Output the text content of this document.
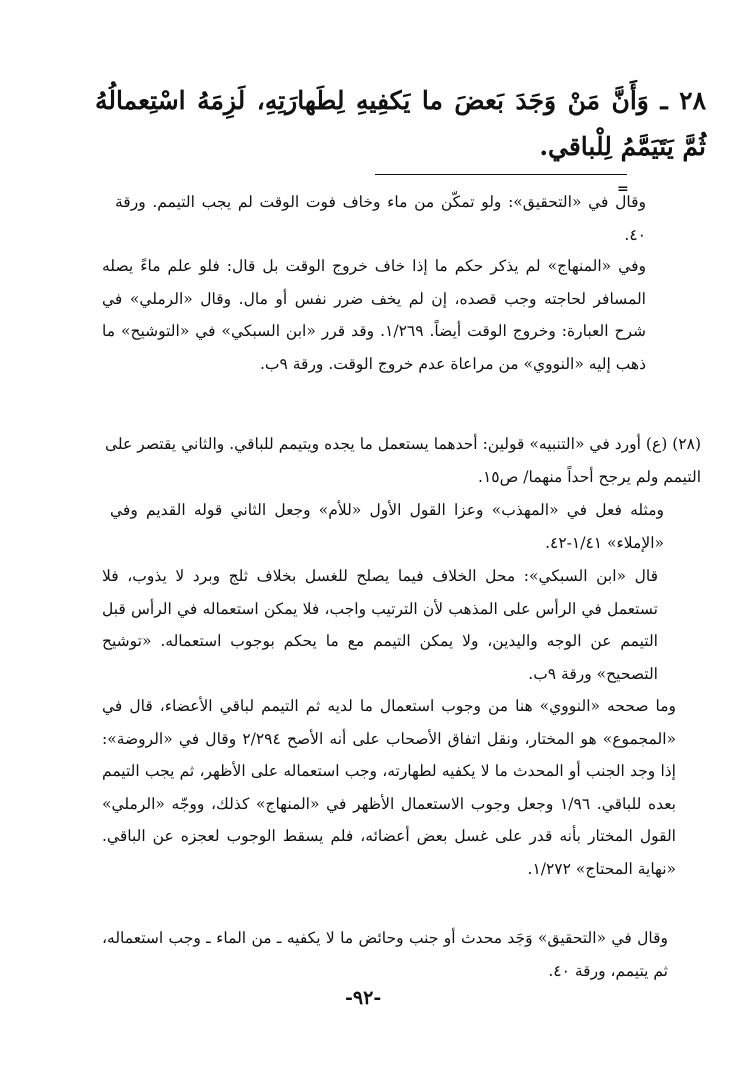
٢٨ ـ وَأَنَّ مَنْ وَجَدَ بَعضَ ما يَكفِيهِ لِطَهارَتِهِ، لَزِمَهُ اسْتِعمالُهُ ثُمَّ يَتَيَمَّمُ لِلْباقي.
=
وقال في «التحقيق»: ولو تمكّن من ماء وخاف فوت الوقت لم يجب التيمم. ورقة ٤٠.
وفي «المنهاج» لم يذكر حكم ما إذا خاف خروج الوقت بل قال: فلو علم ماءً يصله المسافر لحاجته وجب قصده، إن لم يخف ضرر نفس أو مال. وقال «الرملي» في شرح العبارة: وخروج الوقت أيضاً. ١/٢٦٩. وقد قرر «ابن السبكي» في «التوشيح» ما ذهب إليه «النووي» من مراعاة عدم خروج الوقت. ورقة ٩ب.
(٢٨) (ع) أورد في «التنبيه» قولين: أحدهما يستعمل ما يجده ويتيمم للباقي. والثاني يقتصر على التيمم ولم يرجح أحداً منهما/ ص١٥.
ومثله فعل في «المهذب» وعزا القول الأول «للأم» وجعل الثاني قوله القديم وفي «الإملاء» ١/٤١-٤٢.
قال «ابن السبكي»: محل الخلاف فيما يصلح للغسل بخلاف ثلج وبرد لا يذوب، فلا تستعمل في الرأس على المذهب لأن الترتيب واجب، فلا يمكن استعماله في الرأس قبل التيمم عن الوجه واليدين، ولا يمكن التيمم مع ما يحكم بوجوب استعماله. «توشيح التصحيح» ورقة ٩ب.
وما صححه «النووي» هنا من وجوب استعمال ما لديه ثم التيمم لباقي الأعضاء، قال في «المجموع» هو المختار، ونقل اتفاق الأصحاب على أنه الأصح ٢/٢٩٤ وقال في «الروضة»: إذا وجد الجنب أو المحدث ما لا يكفيه لطهارته، وجب استعماله على الأظهر، ثم يجب التيمم بعده للباقي. ١/٩٦ وجعل وجوب الاستعمال الأظهر في «المنهاج» كذلك، ووجّه «الرملي» القول المختار بأنه قدر على غسل بعض أعضائه، فلم يسقط الوجوب لعجزه عن الباقي. «نهاية المحتاج» ١/٢٧٢.
وقال في «التحقيق» وَجَد محدث أو جنب وحائض ما لا يكفيه ـ من الماء ـ وجب استعماله، ثم يتيمم، ورقة ٤٠.
-٩٢-
